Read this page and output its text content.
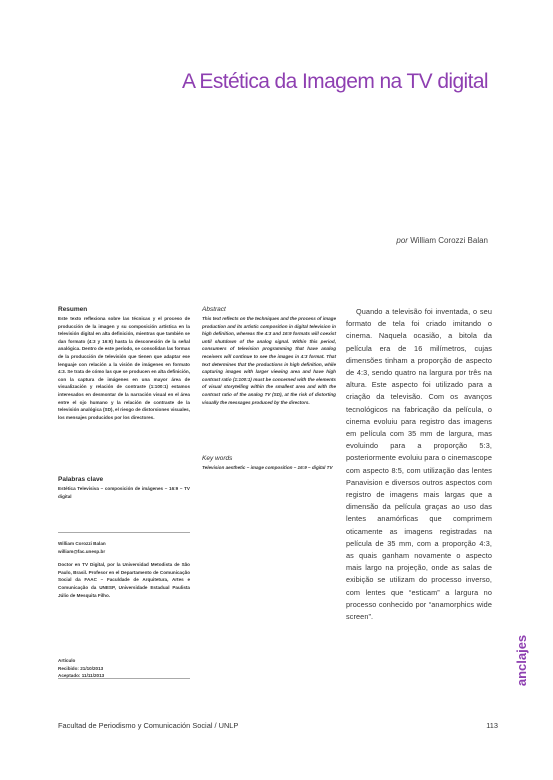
A Estética da Imagem na TV digital
por William Corozzi Balan
Resumen
Este texto reflexiona sobre las técnicas y el proceso de producción de la imagen y su composición artística en la televisión digital en alta definición, mientras que también se dan formato (4:3 y 16:9) hasta la desconexión de la señal analógica. Dentro de este período, se consolidan las formas de la producción de televisión que tienen que adaptar ese lenguaje con relación a la visión de imágenes en formato 4:3. Se trata de cómo las que se producen en alta definición, con la captura de imágenes en una mayor área de visualización y relación de contraste (1:100:1) estamos interesados en desmontar de la narración visual en el área entre el ojo humano y la relación de contraste de la televisión analógica (SD), el riesgo de distorsiones visuales, los mensajes producidos por los directores.
Palabras clave
Estética Televisiva – composición de imágenes – 16:9 – TV digital
Abstract
This text reflects on the techniques and the process of image production and its artistic composition in digital television in high definition, whereas the 4:3 and 16:9 formats will coexist until shutdown of the analog signal. Within this period, consumers of television programming that have analog receivers will continue to see the images in 4:3 format. That text determines that the productions in high definition, while capturing images with larger viewing area and have high contrast ratio (1:100:1) must be concerned with the elements of visual storytelling within the smallest area and with the contrast ratio of the analog TV (SD), at the risk of distorting visually the messages produced by the directors.
Key words
Television aesthetic – image composition – 16:9 – digital TV

William Corozzi Balan
william@fac.unesp.br

Doctor en TV Digital, por la Universidad Metodista de São Paulo, Brasil. Profesor en el Departamento de Comunicação Social da FAAC – Faculdade de Arquitetura, Artes e Comunicação da UNESP, Universidade Estadual Paulista Júlio de Mesquita Filho.

Artículo
Recibido: 21/10/2013
Aceptado: 11/11/2013
Quando a televisão foi inventada, o seu formato de tela foi criado imitando o cinema. Naquela ocasião, a bitola da película era de 16 milímetros, cujas dimensões tinham a proporção de aspecto de 4:3, sendo quatro na largura por três na altura. Este aspecto foi utilizado para a criação da televisão. Com os avanços tecnológicos na fabricação da película, o cinema evoluiu para registro das imagens em película com 35 mm de largura, mas evoluindo para a proporção 5:3, posteriormente evoluiu para o cinemascope com aspecto 8:5, com utilização das lentes Panavision e diversos outros aspectos com registro de imagens mais largas que a dimensão da película graças ao uso das lentes anamórficas que comprimem oticamente as imagens registradas na película de 35 mm, com a proporção 4:3, as quais ganham novamente o aspecto mais largo na projeção, onde as salas de exibição se utilizam do processo inverso, com lentes que “esticam” a largura no processo conhecido por “anamorphics wide screen”.
anclajes
Facultad de Periodismo y Comunicación Social / UNLP	113
